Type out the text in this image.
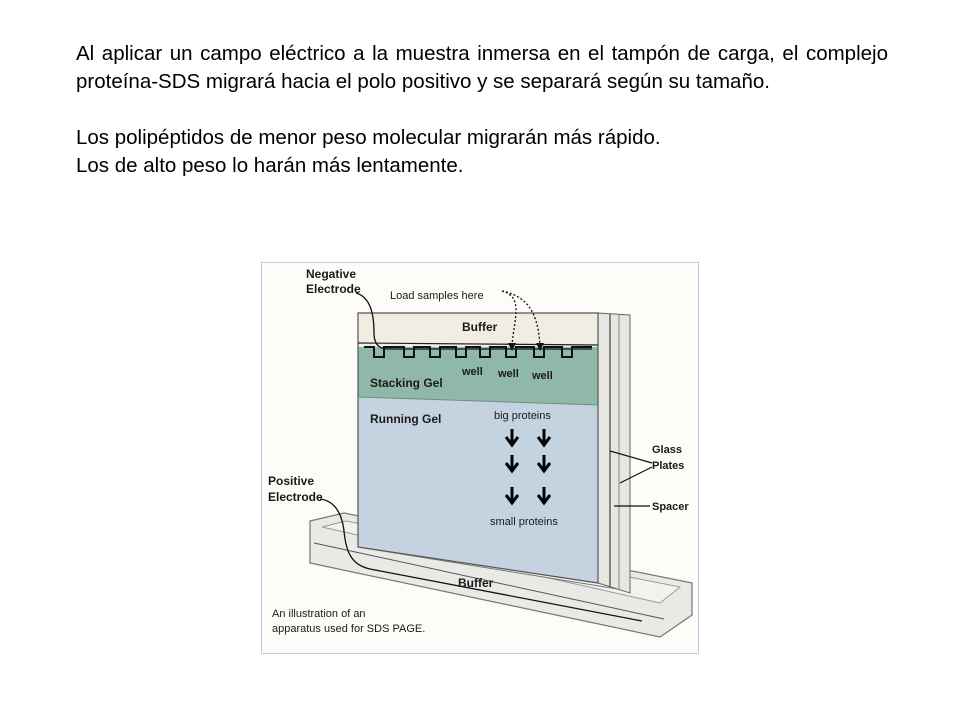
Al aplicar un campo eléctrico a la muestra inmersa en el tampón de carga, el complejo proteína-SDS migrará hacia el polo positivo y se separará según su tamaño.

Los polipéptidos de menor peso molecular migrarán más rápido.

Los de alto peso lo harán más lentamente.

Negative
Electrode	Load samples here
Buffer
well well well
Stacking Gel
Running Gel	big proteins
small proteins
Glass
Plates
Spacer
Positive
Electrode
Buffer
An illustration of an
apparatus used for SDS PAGE.
